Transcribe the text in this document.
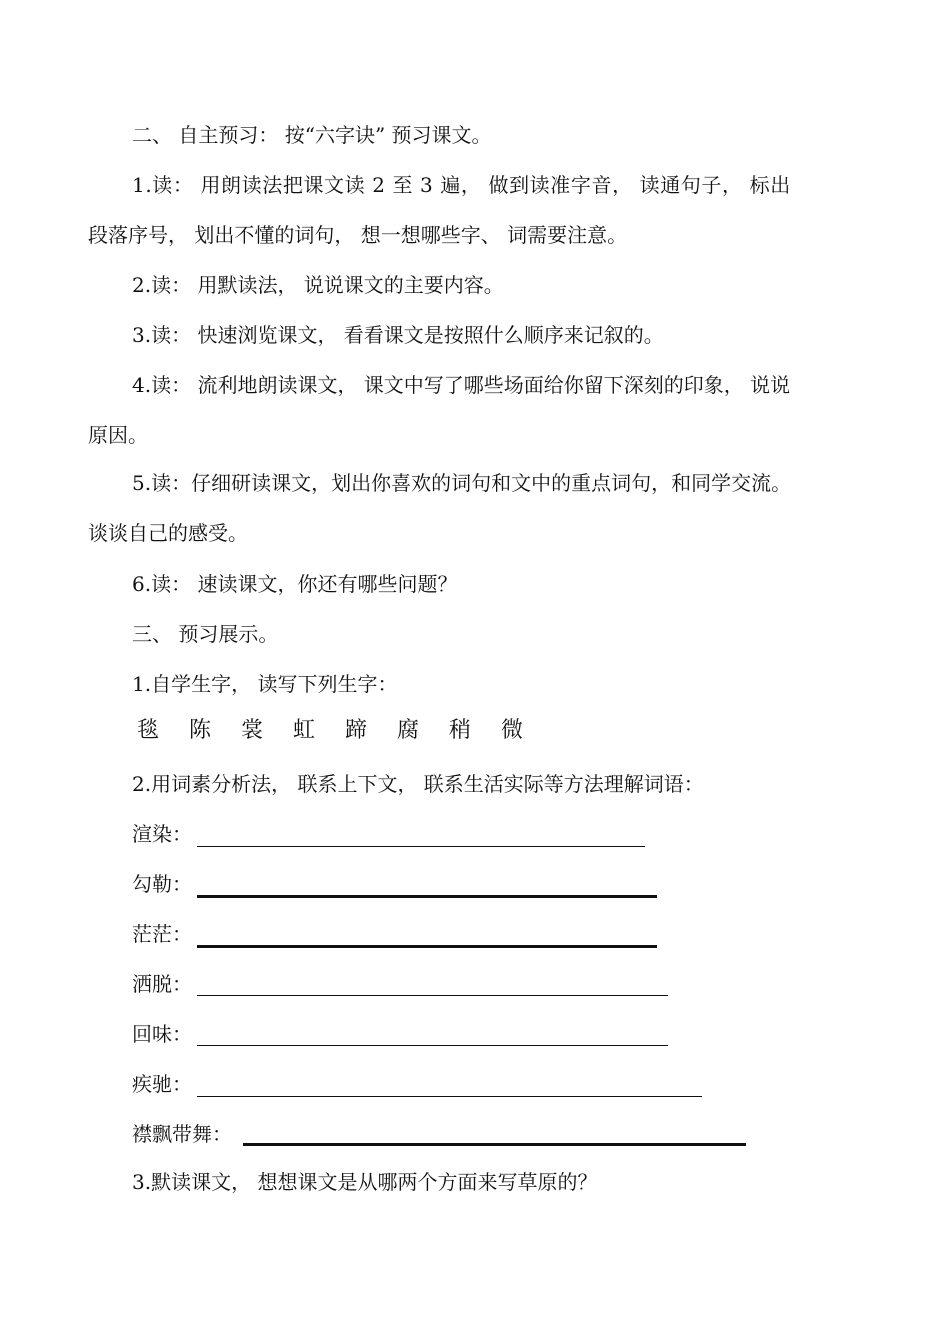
二、 自主预习： 按“六字诀” 预习课文。
1.读： 用朗读法把课文读 2 至 3 遍， 做到读准字音， 读通句子， 标出
段落序号， 划出不懂的词句， 想一想哪些字、 词需要注意。
2.读： 用默读法， 说说课文的主要内容。
3.读： 快速浏览课文， 看看课文是按照什么顺序来记叙的。
4.读： 流利地朗读课文， 课文中写了哪些场面给你留下深刻的印象， 说说
原因。
5.读：仔细研读课文，划出你喜欢的词句和文中的重点词句，和同学交流。
谈谈自己的感受。
6.读： 速读课文，你还有哪些问题？
三、 预习展示。
1.自学生字， 读写下列生字：
毯 陈 裳 虹 蹄 腐 稍 微
2.用词素分析法， 联系上下文， 联系生活实际等方法理解词语：
渲染：
勾勒：
茫茫：
洒脱：
回味：
疾驰：
襟飘带舞：
3.默读课文， 想想课文是从哪两个方面来写草原的？
